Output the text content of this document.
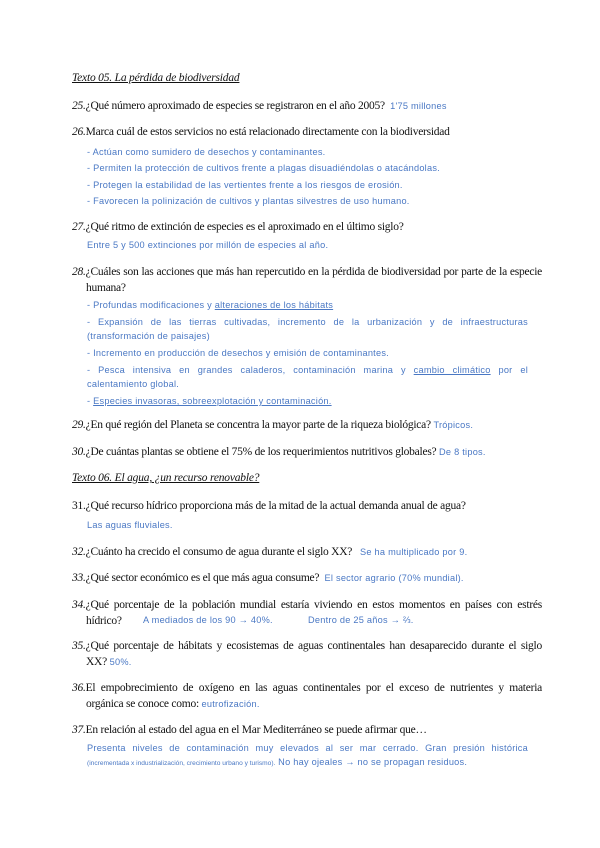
Texto 05. La pérdida de biodiversidad
25.¿Qué número aproximado de especies se registraron en el año 2005? 1'75 millones
26.Marca cuál de estos servicios no está relacionado directamente con la biodiversidad
- Actúan como sumidero de desechos y contaminantes.
- Permiten la protección de cultivos frente a plagas disuadiéndolas o atacándolas.
- Protegen la estabilidad de las vertientes frente a los riesgos de erosión.
- Favorecen la polinización de cultivos y plantas silvestres de uso humano.
27.¿Qué ritmo de extinción de especies es el aproximado en el último siglo?
Entre 5 y 500 extinciones por millón de especies al año.
28.¿Cuáles son las acciones que más han repercutido en la pérdida de biodiversidad por parte de la especie humana?
- Profundas modificaciones y alteraciones de los hábitats
- Expansión de las tierras cultivadas, incremento de la urbanización y de infraestructuras (transformación de paisajes)
- Incremento en producción de desechos y emisión de contaminantes.
- Pesca intensiva en grandes caladeros, contaminación marina y cambio climático por el calentamiento global.
- Especies invasoras, sobreexplotación y contaminación.
29.¿En qué región del Planeta se concentra la mayor parte de la riqueza biológica? Trópicos.
30.¿De cuántas plantas se obtiene el 75% de los requerimientos nutritivos globales? De 8 tipos.
Texto 06. El agua, ¿un recurso renovable?
31.¿Qué recurso hídrico proporciona más de la mitad de la actual demanda anual de agua?
Las aguas fluviales.
32.¿Cuánto ha crecido el consumo de agua durante el siglo XX? Se ha multiplicado por 9.
33.¿Qué sector económico es el que más agua consume? El sector agrario (70% mundial).
34.¿Qué porcentaje de la población mundial estaría viviendo en estos momentos en países con estrés hídrico?	A mediados de los 90 → 40%.	Dentro de 25 años → ⅔.
35.¿Qué porcentaje de hábitats y ecosistemas de aguas continentales han desaparecido durante el siglo XX? 50%.
36.El empobrecimiento de oxígeno en las aguas continentales por el exceso de nutrientes y materia orgánica se conoce como: eutrofización.
37.En relación al estado del agua en el Mar Mediterráneo se puede afirmar que…
Presenta niveles de contaminación muy elevados al ser mar cerrado. Gran presión histórica (incrementada x industrialización, crecimiento urbano y turismo). No hay ojeales → no se propagan residuos.
